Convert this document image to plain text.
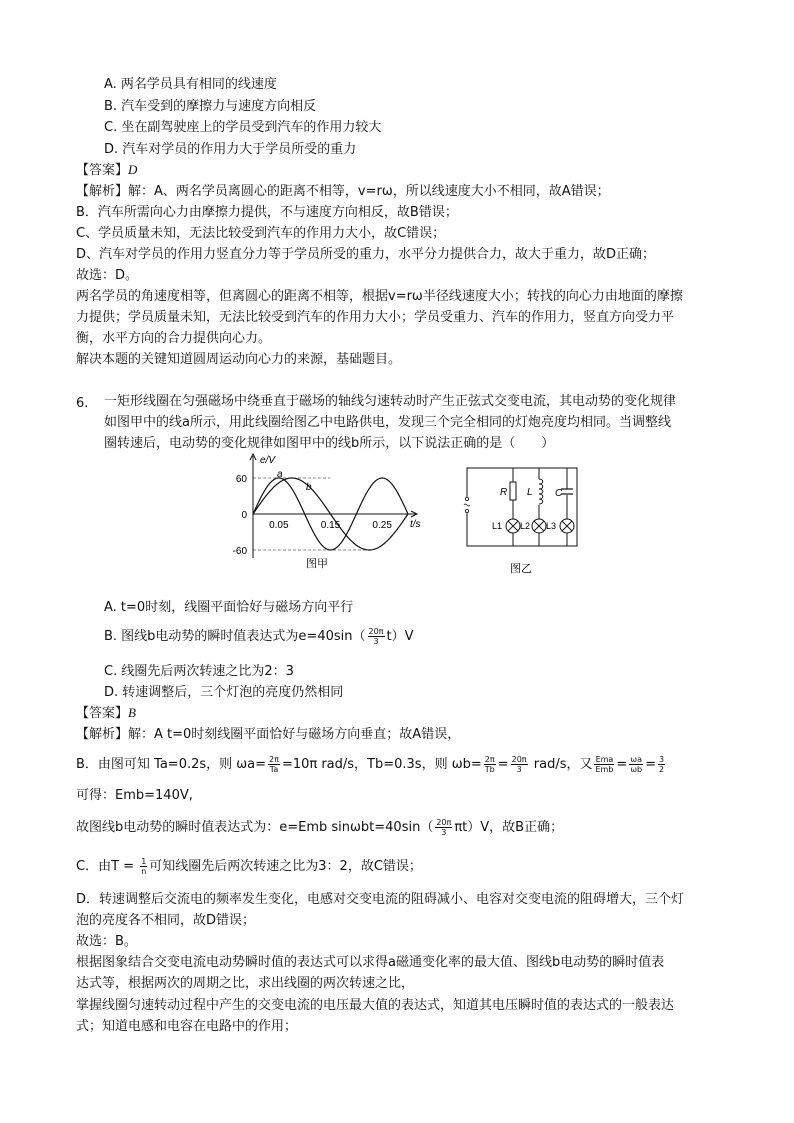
A. 两名学员具有相同的线速度
B. 汽车受到的摩擦力与速度方向相反
C. 坐在副驾驶座上的学员受到汽车的作用力较大
D. 汽车对学员的作用力大于学员所受的重力
【答案】D
【解析】解：A、两名学员离圆心的距离不相等，v=rω，所以线速度大小不相同，故A错误；
B．汽车所需向心力由摩擦力提供，不与速度方向相反，故B错误；
C、学员质量未知，无法比较受到汽车的作用力大小，故C错误；
D、汽车对学员的作用力竖直分力等于学员所受的重力，水平分力提供合力，故大于重力，故D正确；
故选：D。
两名学员的角速度相等，但离圆心的距离不相等，根据v=rω半径线速度大小；转找的向心力由地面的摩擦
力提供；学员质量未知，无法比较受到汽车的作用力大小；学员受重力、汽车的作用力，竖直方向受力平
衡，水平方向的合力提供向心力。
解决本题的关键知道圆周运动向心力的来源，基础题目。
6. 一矩形线圈在匀强磁场中绕垂直于磁场的轴线匀速转动时产生正弦式交变电流，其电动势的变化规律
如图甲中的线a所示，用此线圈给图乙中电路供电，发现三个完全相同的灯炮亮度均相同。当调整线
圈转速后，电动势的变化规律如图甲中的线b所示，以下说法正确的是（　　）
60
0
-60
0.05	0.15	0.25
e/V
t/s
a
b
图甲
R L C
L1 L2 L3
图乙
A. t=0时刻，线圈平面恰好与磁场方向平行
B. 图线b电动势的瞬时值表达式为$e=40\sin( \frac{20\pi}{3} t)V$
C. 线圈先后两次转速之比为2：3
D. 转速调整后，三个灯泡的亮度仍然相同
【答案】B
【解析】解：A t=0时刻线圈平面恰好与磁场方向垂直；故A错误，
B．由图可知 Ta=0.2s，则 $\omega a= \frac{2\pi}{Ta} =10\pi$ rad/s，Tb=0.3s，则 $\omega b= \frac{2\pi}{Tb} = \frac{20\pi}{3} rad/s$，又 $\frac{\text{Ema}}{\text{Emb}} = \frac{\omega a}{\omega b} = \frac{3}{2}$
可得：Emb=140V,
故图线b电动势的瞬时值表达式为：e=Emb $\sin\omega bt=40\sin( \frac{20\pi}{3} \pi t)V$，故B正确；
C．由$T = \frac{1}{n}$ 可知线圈先后两次转速之比为3：2，故C错误；
D．转速调整后交流电的频率发生变化，电感对交变电流的阻碍减小、电容对交变电流的阻碍增大，三个灯
泡的亮度各不相同，故D错误；
故选：B。
根据图象结合交变电流电动势瞬时值的表达式可以求得a磁通变化率的最大值、图线b电动势的瞬时值表
达式等，根据两次的周期之比，求出线圈的两次转速之比，
掌握线圈匀速转动过程中产生的交变电流的电压最大值的表达式，知道其电压瞬时值的表达式的一般表达
式；知道电感和电容在电路中的作用；
